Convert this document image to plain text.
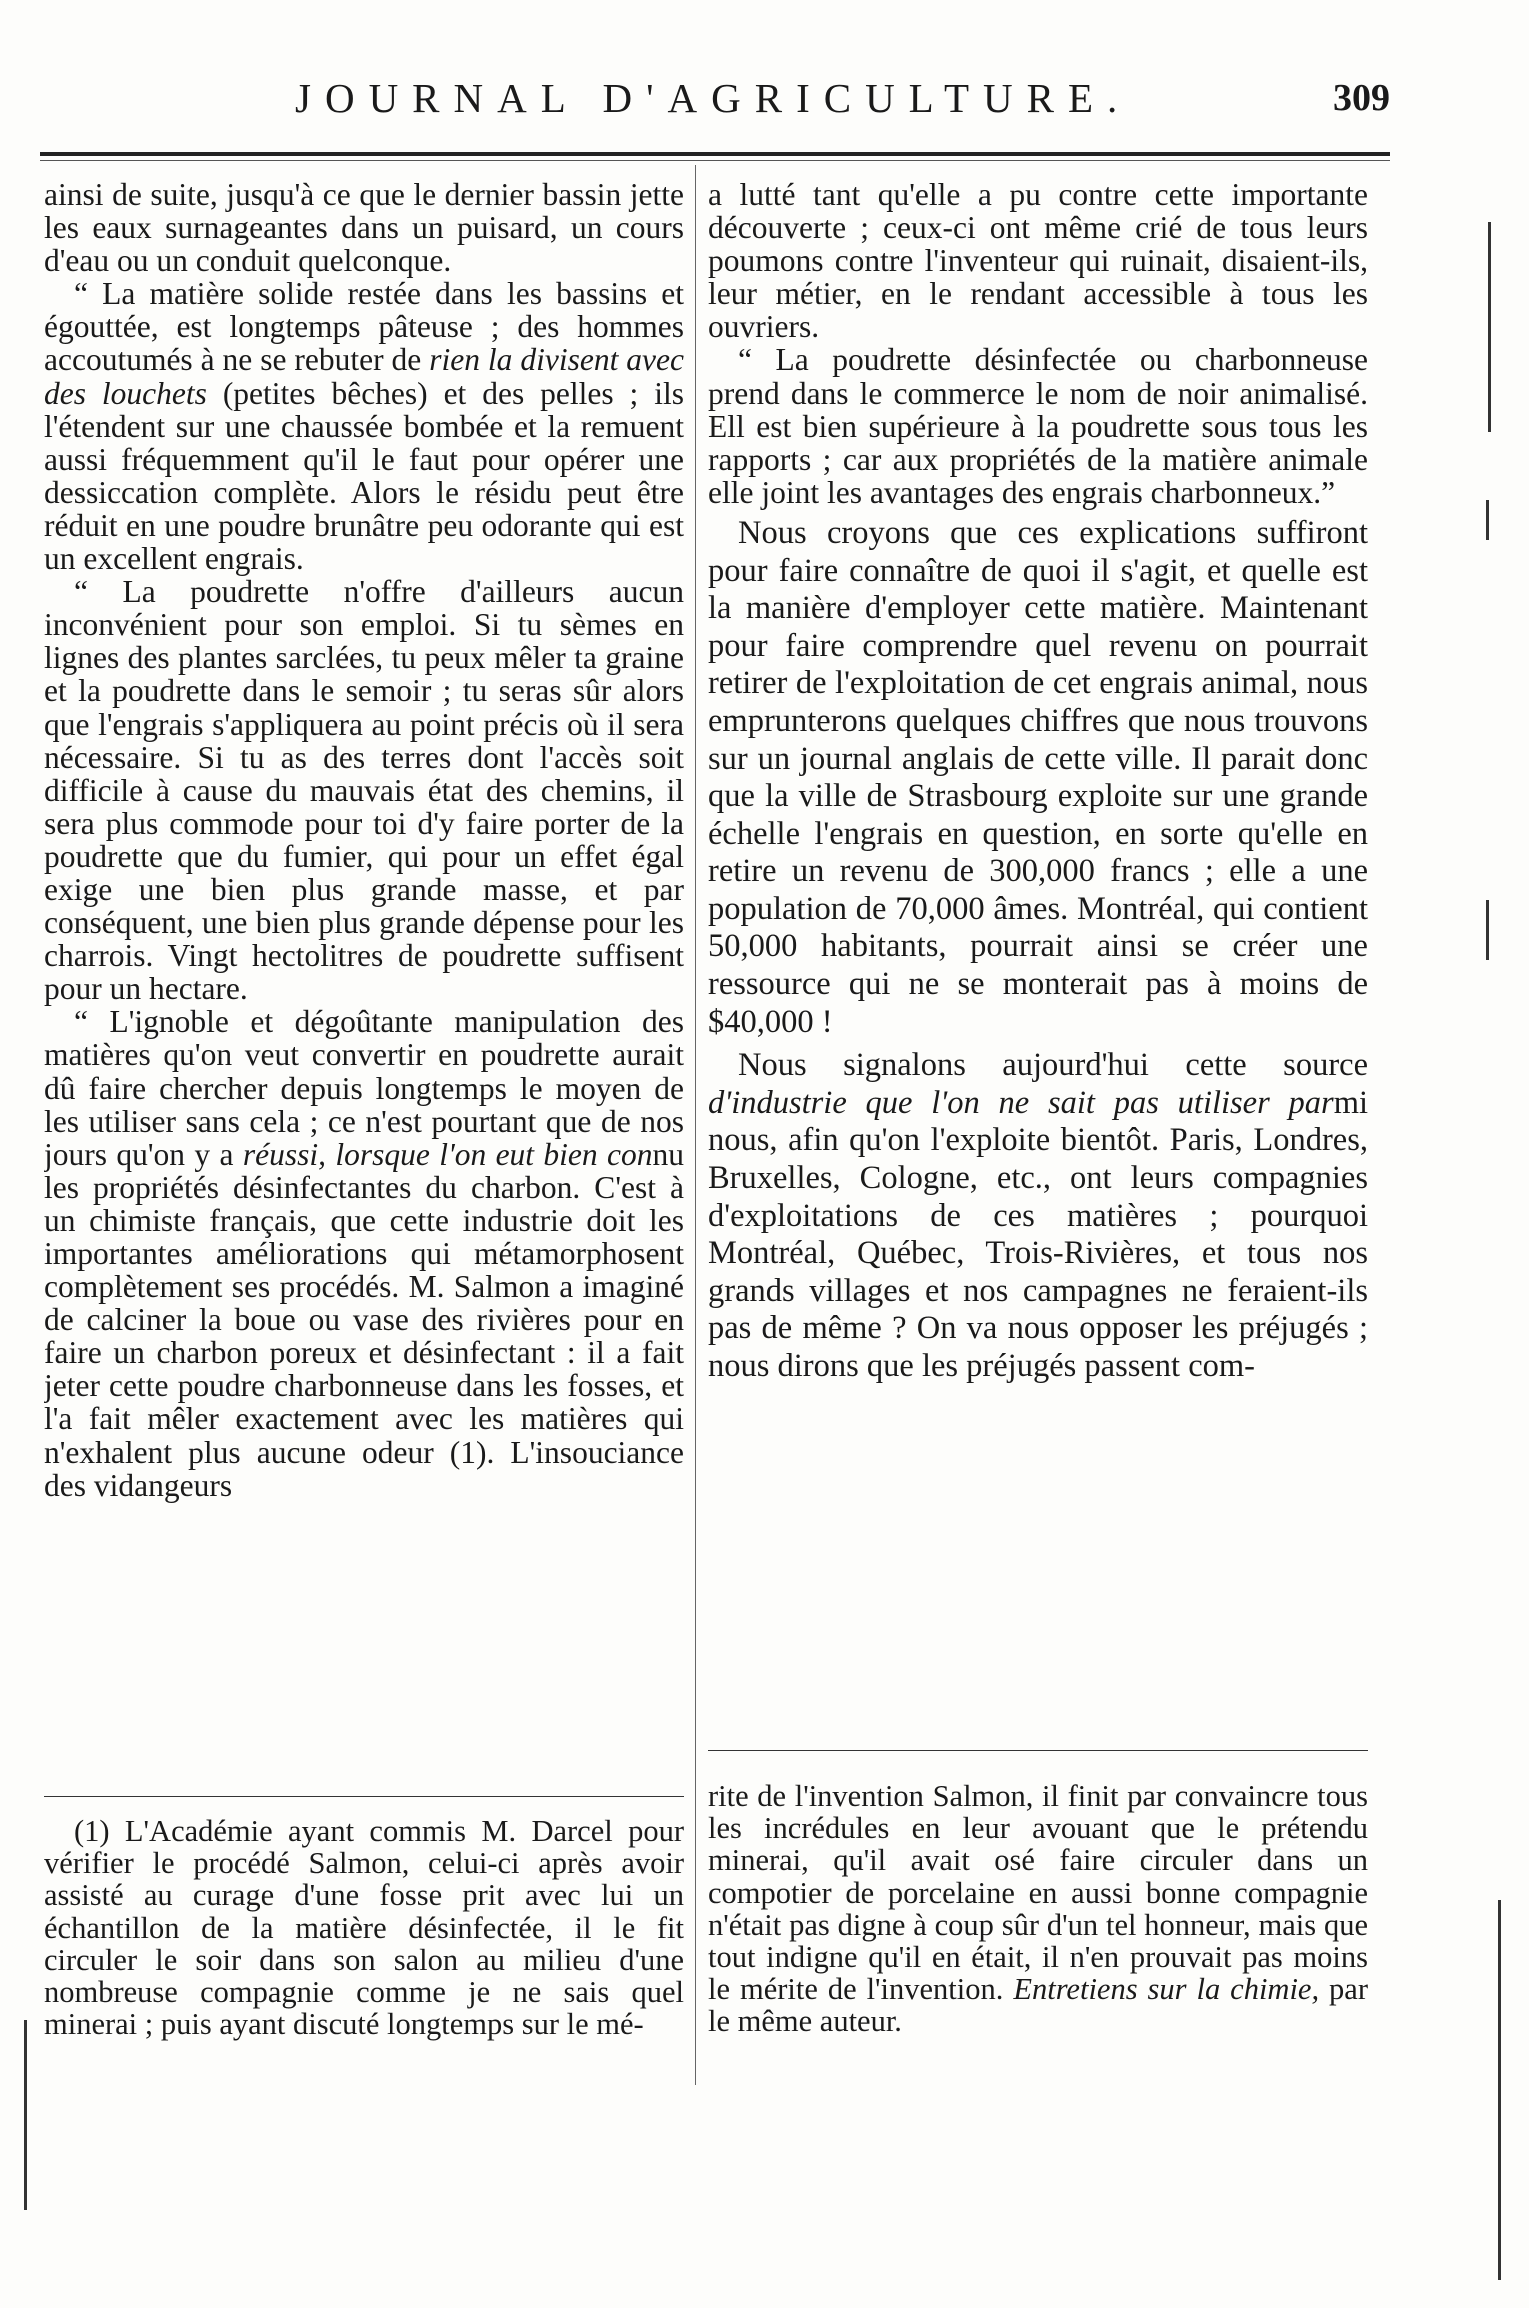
JOURNAL D'AGRICULTURE.	309

ainsi de suite, jusqu'à ce que le dernier bassin jette les eaux surnageantes dans un puisard, un cours d'eau ou un conduit quelconque.

“ La matière solide restée dans les bassins et égouttée, est longtemps pâteuse ; des hommes accoutumés à ne se rebuter de rien la divisent avec des louchets (petites bêches) et des pelles ; ils l'étendent sur une chaussée bombée et la remuent aussi fréquemment qu'il le faut pour opérer une dessiccation complète. Alors le résidu peut être réduit en une poudre brunâtre peu odorante qui est un excellent engrais.

“ La poudrette n'offre d'ailleurs aucun inconvénient pour son emploi. Si tu sèmes en lignes des plantes sarclées, tu peux mêler ta graine et la poudrette dans le semoir ; tu seras sûr alors que l'engrais s'appliquera au point précis où il sera nécessaire. Si tu as des terres dont l'accès soit difficile à cause du mauvais état des chemins, il sera plus commode pour toi d'y faire porter de la poudrette que du fumier, qui pour un effet égal exige une bien plus grande masse, et par conséquent, une bien plus grande dépense pour les charrois. Vingt hectolitres de poudrette suffisent pour un hectare.

“ L'ignoble et dégoûtante manipulation des matières qu'on veut convertir en poudrette aurait dû faire chercher depuis longtemps le moyen de les utiliser sans cela ; ce n'est pourtant que de nos jours qu'on y a réussi, lorsque l'on eut bien connu les propriétés désinfectantes du charbon. C'est à un chimiste français, que cette industrie doit les importantes améliorations qui métamorphosent complètement ses procédés. M. Salmon a imaginé de calciner la boue ou vase des rivières pour en faire un charbon poreux et désinfectant : il a fait jeter cette poudre charbonneuse dans les fosses, et l'a fait mêler exactement avec les matières qui n'exhalent plus aucune odeur (1). L'insouciance des vidangeurs

a lutté tant qu'elle a pu contre cette importante découverte ; ceux-ci ont même crié de tous leurs poumons contre l'inventeur qui ruinait, disaient-ils, leur métier, en le rendant accessible à tous les ouvriers.

“ La poudrette désinfectée ou charbonneuse prend dans le commerce le nom de noir animalisé. Ell est bien supérieure à la poudrette sous tous les rapports ; car aux propriétés de la matière animale elle joint les avantages des engrais charbonneux.”

Nous croyons que ces explications suffiront pour faire connaître de quoi il s'agit, et quelle est la manière d'employer cette matière. Maintenant pour faire comprendre quel revenu on pourrait retirer de l'exploitation de cet engrais animal, nous emprunterons quelques chiffres que nous trouvons sur un journal anglais de cette ville. Il parait donc que la ville de Strasbourg exploite sur une grande échelle l'engrais en question, en sorte qu'elle en retire un revenu de 300,000 francs ; elle a une population de 70,000 âmes. Montréal, qui contient 50,000 habitants, pourrait ainsi se créer une ressource qui ne se monterait pas à moins de $40,000 !

Nous signalons aujourd'hui cette source d'industrie que l'on ne sait pas utiliser parmi nous, afin qu'on l'exploite bientôt. Paris, Londres, Bruxelles, Cologne, etc., ont leurs compagnies d'exploitations de ces matières ; pourquoi Montréal, Québec, Trois-Rivières, et tous nos grands villages et nos campagnes ne feraient-ils pas de même ? On va nous opposer les préjugés ; nous dirons que les préjugés passent com-

(1) L'Académie ayant commis M. Darcel pour vérifier le procédé Salmon, celui-ci après avoir assisté au curage d'une fosse prit avec lui un échantillon de la matière désinfectée, il le fit circuler le soir dans son salon au milieu d'une nombreuse compagnie comme je ne sais quel minerai ; puis ayant discuté longtemps sur le mé-

rite de l'invention Salmon, il finit par convaincre tous les incrédules en leur avouant que le prétendu minerai, qu'il avait osé faire circuler dans un compotier de porcelaine en aussi bonne compagnie n'était pas digne à coup sûr d'un tel honneur, mais que tout indigne qu'il en était, il n'en prouvait pas moins le mérite de l'invention. Entretiens sur la chimie, par le même auteur.
